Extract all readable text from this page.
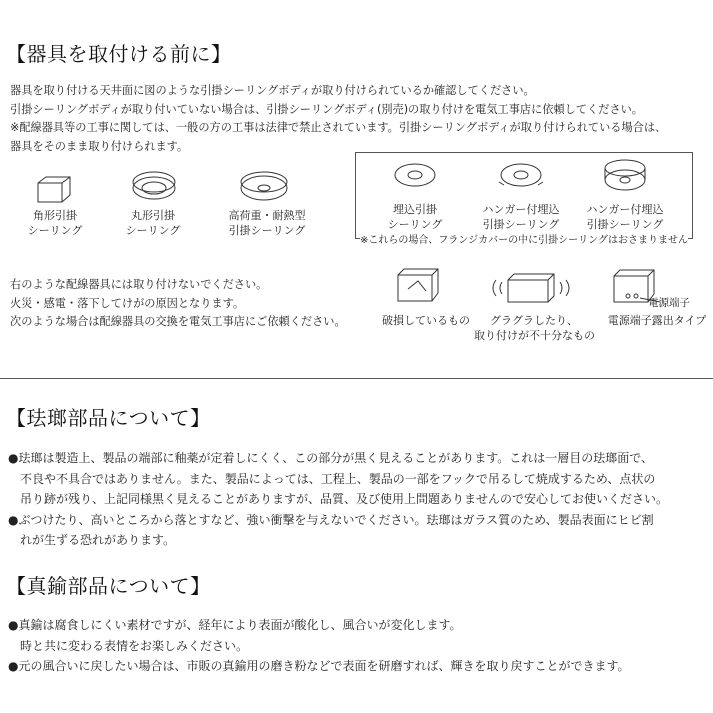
【器具を取付ける前に】
器具を取り付ける天井面に図のような引掛シーリングボディが取り付けられているか確認してください。
引掛シーリングボディが取り付いていない場合は、引掛シーリングボディ(別売)の取り付けを電気工事店に依頼してください。
※配線器具等の工事に関しては、一般の方の工事は法律で禁止されています。引掛シーリングボディが取り付けられている場合は、
器具をそのまま取り付けられます。
角形引掛
シーリング
丸形引掛
シーリング
高荷重・耐熱型
引掛シーリング
埋込引掛
シーリング
ハンガー付埋込
引掛シーリング
ハンガー付埋込
引掛シーリング
※これらの場合、フランジカバーの中に引掛シーリングはおさまりません
右のような配線器具には取り付けないでください。
火災・感電・落下してけがの原因となります。
次のような場合は配線器具の交換を電気工事店にご依頼ください。
電源端子
破損しているもの	グラグラしたり、
取り付けが不十分なもの
電源端子露出タイプ
【珐瑯部品について】
●珐瑯は製造上、製品の端部に釉薬が定着しにくく、この部分が黒く見えることがあります。これは一層目の珐瑯面で、
　不良や不具合ではありません。また、製品によっては、工程上、製品の一部をフックで吊るして焼成するため、点状の
　吊り跡が残り、上記同様黒く見えることがありますが、品質、及び使用上問題ありませんので安心してお使いください。
●ぶつけたり、高いところから落とすなど、強い衝撃を与えないでください。珐瑯はガラス質のため、製品表面にヒビ割
　れが生ずる恐れがあります。
【真鍮部品について】
●真鍮は腐食しにくい素材ですが、経年により表面が酸化し、風合いが変化します。
　時と共に変わる表情をお楽しみください。
●元の風合いに戻したい場合は、市販の真鍮用の磨き粉などで表面を研磨すれば、輝きを取り戻すことができます。
